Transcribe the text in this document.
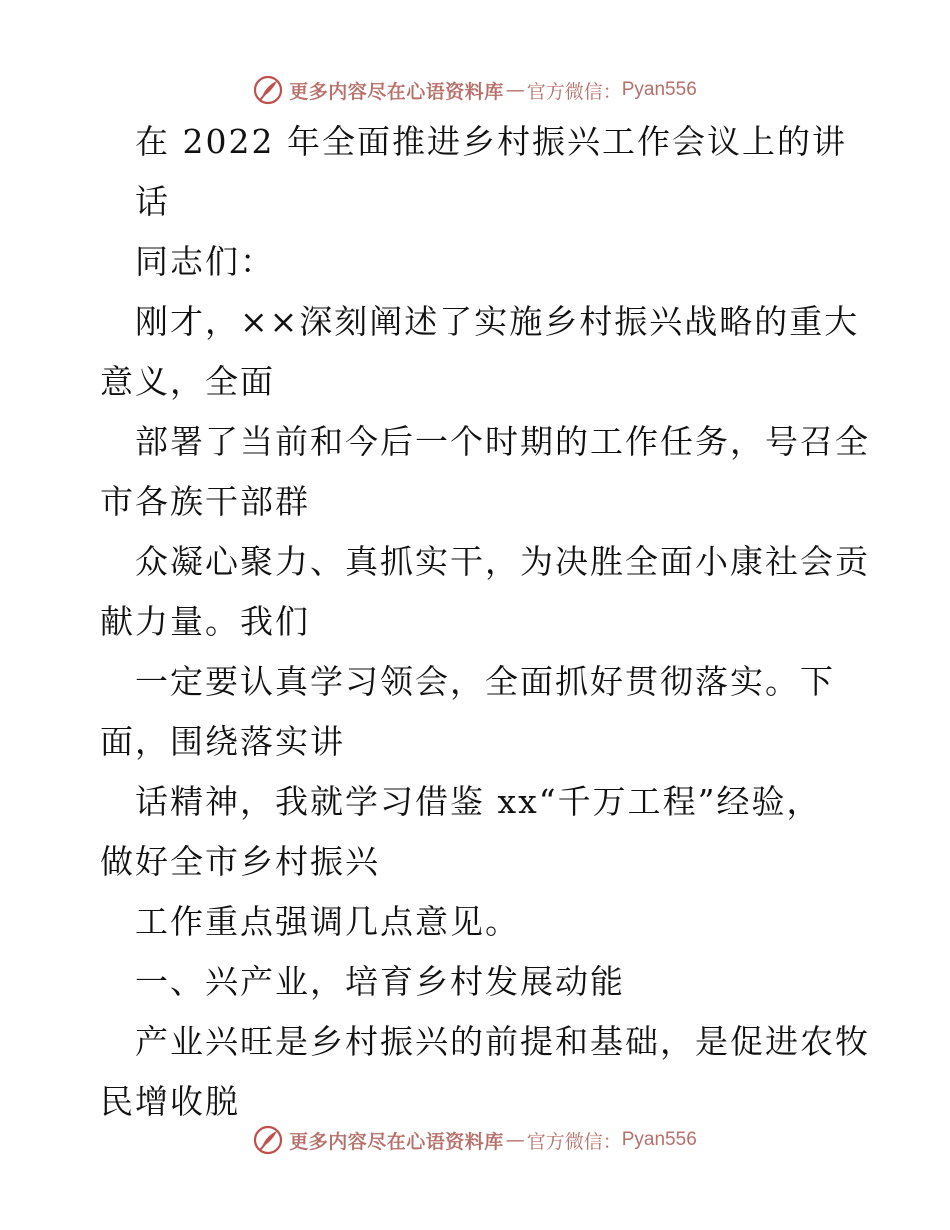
更多内容尽在心语资料库 — 官方微信： Pyan556
在 2022 年全面推进乡村振兴工作会议上的讲
话
同志们：
刚才，××深刻阐述了实施乡村振兴战略的重大
意义，全面
部署了当前和今后一个时期的工作任务，号召全
市各族干部群
众凝心聚力、真抓实干，为决胜全面小康社会贡
献力量。我们
一定要认真学习领会，全面抓好贯彻落实。下
面，围绕落实讲
话精神，我就学习借鉴 xx“千万工程”经验，
做好全市乡村振兴
工作重点强调几点意见。
一、兴产业，培育乡村发展动能
产业兴旺是乡村振兴的前提和基础，是促进农牧
民增收脱
更多内容尽在心语资料库 — 官方微信： Pyan556
